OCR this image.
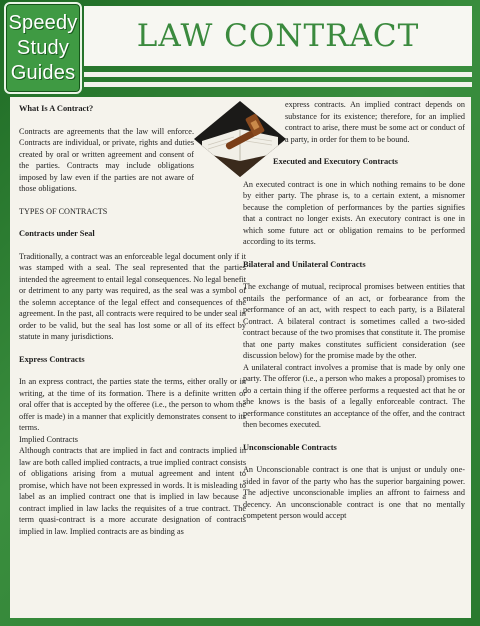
Speedy
Study
Guides
LAW CONTRACT

What Is A Contract?

Contracts are agreements that the law will enforce. Contracts are individual, or private, rights and duties created by oral or written agreement and consent of the parties. Contracts may include obligations imposed by law even if the parties are not aware of those obligations.

TYPES OF CONTRACTS

Contracts under Seal

Traditionally, a contract was an enforceable legal document only if it was stamped with a seal. The seal represented that the parties intended the agreement to entail legal consequences. No legal benefit or detriment to any party was required, as the seal was a symbol of the solemn acceptance of the legal effect and consequences of the agreement. In the past, all contracts were required to be under seal in order to be valid, but the seal has lost some or all of its effect by statute in many jurisdictions.

Express Contracts

In an express contract, the parties state the terms, either orally or in writing, at the time of its formation. There is a definite written or oral offer that is accepted by the offeree (i.e., the person to whom the offer is made) in a manner that explicitly demonstrates consent to its terms.

Implied Contracts

Although contracts that are implied in fact and contracts implied in law are both called implied contracts, a true implied contract consists of obligations arising from a mutual agreement and intent to promise, which have not been expressed in words. It is misleading to label as an implied contract one that is implied in law because a contract implied in law lacks the requisites of a true contract. The term quasi-contract is a more accurate designation of contracts implied in law. Implied contracts are as binding as

express contracts. An implied contract depends on substance for its existence; therefore, for an implied contract to arise, there must be some act or conduct of a party, in order for them to be bound.

Executed and Executory Contracts

An executed contract is one in which nothing remains to be done by either party. The phrase is, to a certain extent, a misnomer because the completion of performances by the parties signifies that a contract no longer exists. An executory contract is one in which some future act or obligation remains to be performed according to its terms.

Bilateral and Unilateral Contracts

The exchange of mutual, reciprocal promises between entities that entails the performance of an act, or forbearance from the performance of an act, with respect to each party, is a Bilateral Contract. A bilateral contract is sometimes called a two-sided contract because of the two promises that constitute it. The promise that one party makes constitutes sufficient consideration (see discussion below) for the promise made by the other.

A unilateral contract involves a promise that is made by only one party. The offeror (i.e., a person who makes a proposal) promises to do a certain thing if the offeree performs a requested act that he or she knows is the basis of a legally enforceable contract. The performance constitutes an acceptance of the offer, and the contract then becomes executed.

Unconscionable Contracts

An Unconscionable contract is one that is unjust or unduly one-sided in favor of the party who has the superior bargaining power. The adjective unconscionable implies an affront to fairness and decency. An unconscionable contract is one that no mentally competent person would accept
